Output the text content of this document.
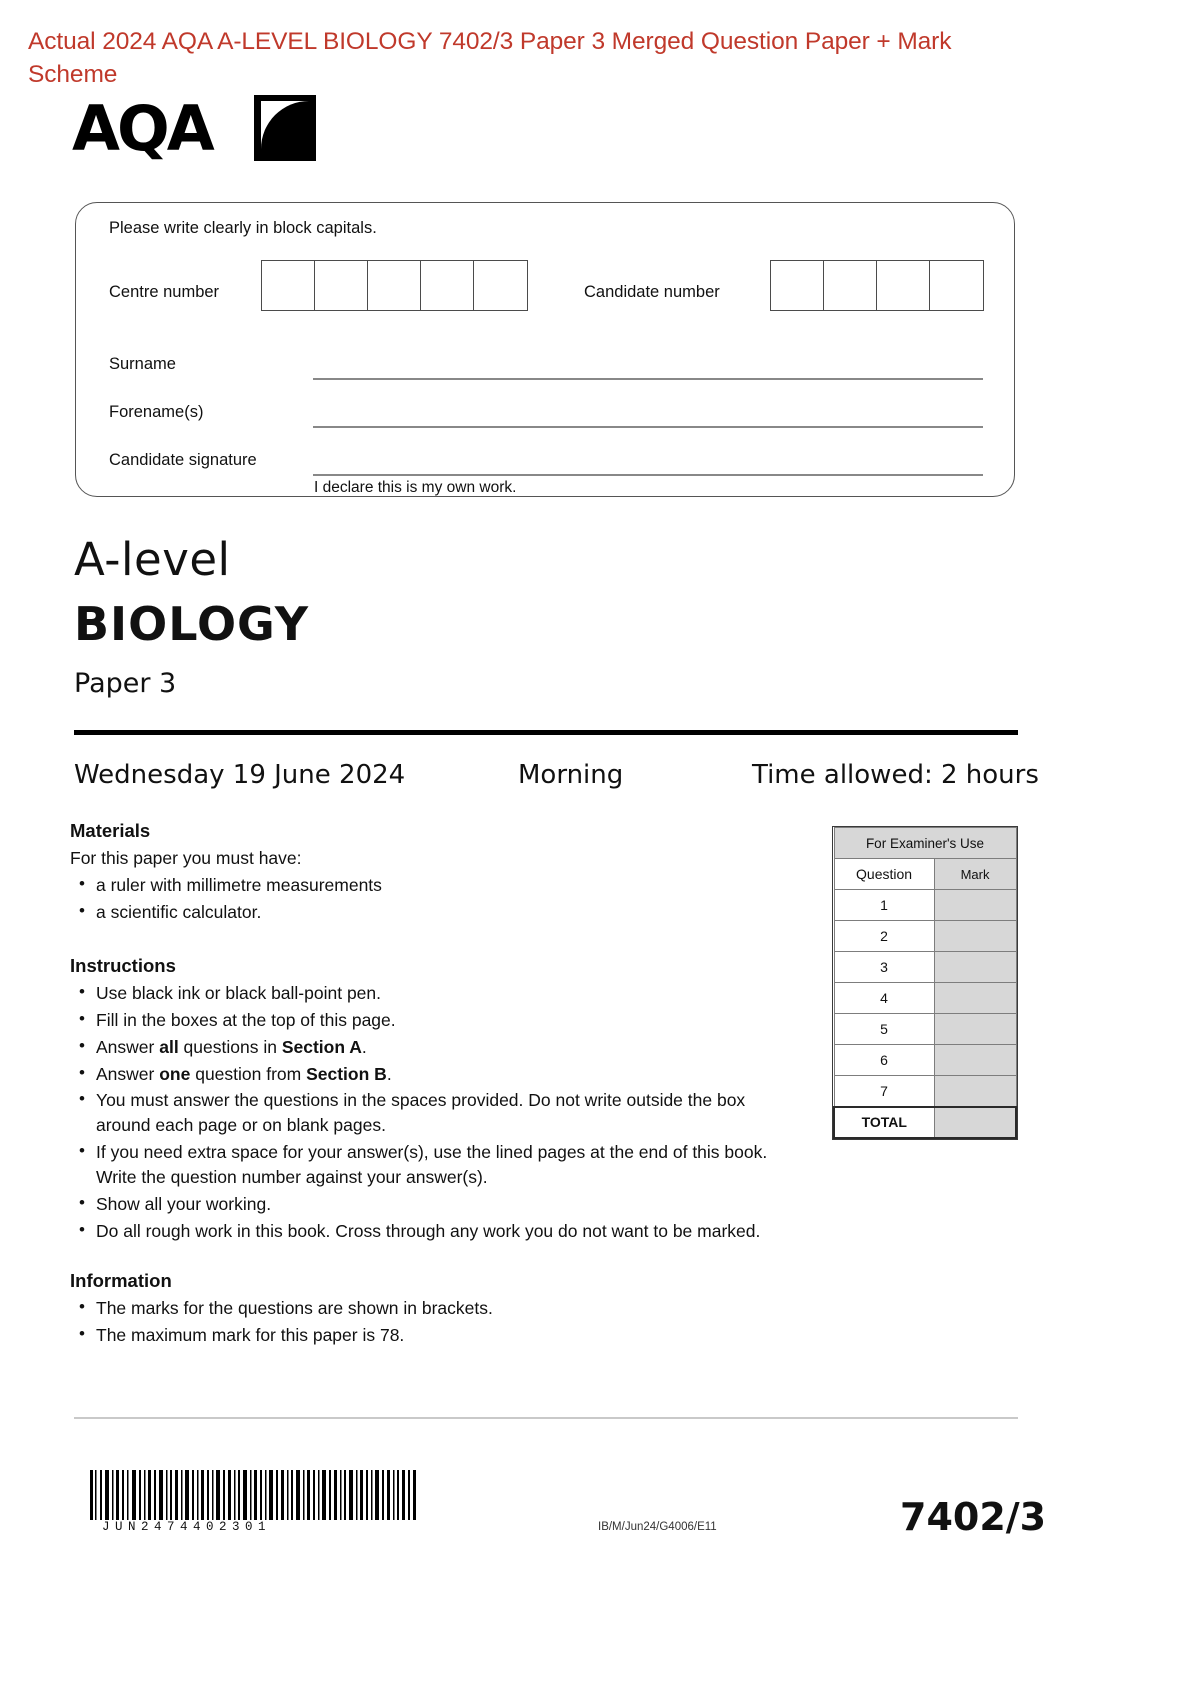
Actual 2024 AQA A-LEVEL BIOLOGY 7402/3 Paper 3 Merged Question Paper + Mark Scheme
AQA
Please write clearly in block capitals.
Centre number	Candidate number
Surname
Forename(s)
Candidate signature
I declare this is my own work.
A-level
BIOLOGY
Paper 3
Wednesday 19 June 2024	Morning	Time allowed: 2 hours
Materials
For this paper you must have:
• a ruler with millimetre measurements
• a scientific calculator.
Instructions
• Use black ink or black ball-point pen.
• Fill in the boxes at the top of this page.
• Answer all questions in Section A.
• Answer one question from Section B.
• You must answer the questions in the spaces provided. Do not write outside the box around each page or on blank pages.
• If you need extra space for your answer(s), use the lined pages at the end of this book. Write the question number against your answer(s).
• Show all your working.
• Do all rough work in this book. Cross through any work you do not want to be marked.
Information
• The marks for the questions are shown in brackets.
• The maximum mark for this paper is 78.
For Examiner's Use	
Question	Mark
1	
2	
3	
4	
5	
6	
7	
TOTAL	
JUN2474402301	IB/M/Jun24/G4006/E11	7402/3
